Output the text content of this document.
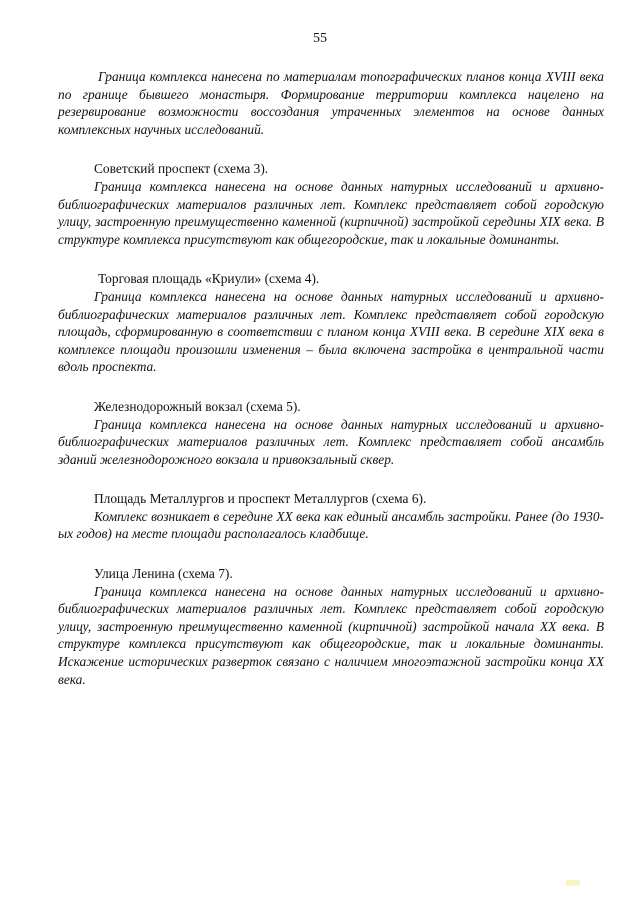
55

Граница комплекса нанесена по материалам топографических планов конца XVIII века по границе бывшего монастыря. Формирование территории комплекса нацелено на резервирование возможности воссоздания утраченных элементов на основе данных комплексных научных исследований.

Советский проспект (схема 3).

Граница комплекса нанесена на основе данных натурных исследований и архивно-библиографических материалов различных лет. Комплекс представляет собой городскую улицу, застроенную преимущественно каменной (кирпичной) застройкой середины XIX века. В структуре комплекса присутствуют как общегородские, так и локальные доминанты.

Торговая площадь «Криули» (схема 4).

Граница комплекса нанесена на основе данных натурных исследований и архивно-библиографических материалов различных лет. Комплекс представляет собой городскую площадь, сформированную в соответствии с планом конца XVIII века. В середине XIX века в комплексе площади произошли изменения – была включена застройка в центральной части вдоль проспекта.

Железнодорожный вокзал (схема 5).

Граница комплекса нанесена на основе данных натурных исследований и архивно-библиографических материалов различных лет. Комплекс представляет собой ансамбль зданий железнодорожного вокзала и привокзальный сквер.

Площадь Металлургов и проспект Металлургов (схема 6).

Комплекс возникает в середине XX века как единый ансамбль застройки. Ранее (до 1930-ых годов) на месте площади располагалось кладбище.

Улица Ленина (схема 7).

Граница комплекса нанесена на основе данных натурных исследований и архивно-библиографических материалов различных лет. Комплекс представляет собой городскую улицу, застроенную преимущественно каменной (кирпичной) застройкой начала XX века. В структуре комплекса присутствуют как общегородские, так и локальные доминанты. Искажение исторических разверток связано с наличием многоэтажной застройки конца XX века.
